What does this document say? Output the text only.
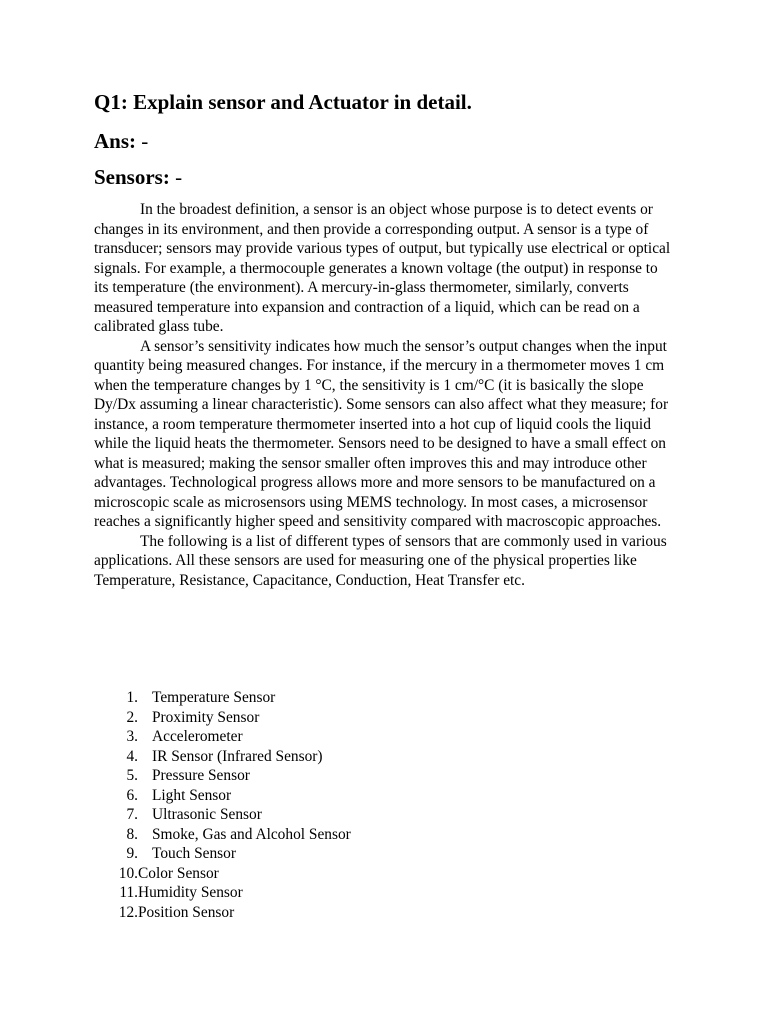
Q1: Explain sensor and Actuator in detail.
Ans: -
Sensors: -

In the broadest definition, a sensor is an object whose purpose is to detect events or changes in its environment, and then provide a corresponding output. A sensor is a type of transducer; sensors may provide various types of output, but typically use electrical or optical signals. For example, a thermocouple generates a known voltage (the output) in response to its temperature (the environment). A mercury-in-glass thermometer, similarly, converts measured temperature into expansion and contraction of a liquid, which can be read on a calibrated glass tube.

A sensor’s sensitivity indicates how much the sensor’s output changes when the input quantity being measured changes. For instance, if the mercury in a thermometer moves 1 cm when the temperature changes by 1 °C, the sensitivity is 1 cm/°C (it is basically the slope Dy/Dx assuming a linear characteristic). Some sensors can also affect what they measure; for instance, a room temperature thermometer inserted into a hot cup of liquid cools the liquid while the liquid heats the thermometer. Sensors need to be designed to have a small effect on what is measured; making the sensor smaller often improves this and may introduce other advantages. Technological progress allows more and more sensors to be manufactured on a microscopic scale as microsensors using MEMS technology. In most cases, a microsensor reaches a significantly higher speed and sensitivity compared with macroscopic approaches.

The following is a list of different types of sensors that are commonly used in various applications. All these sensors are used for measuring one of the physical properties like Temperature, Resistance, Capacitance, Conduction, Heat Transfer etc.

1. Temperature Sensor
2. Proximity Sensor
3. Accelerometer
4. IR Sensor (Infrared Sensor)
5. Pressure Sensor
6. Light Sensor
7. Ultrasonic Sensor
8. Smoke, Gas and Alcohol Sensor
9. Touch Sensor
10. Color Sensor
11. Humidity Sensor
12. Position Sensor
